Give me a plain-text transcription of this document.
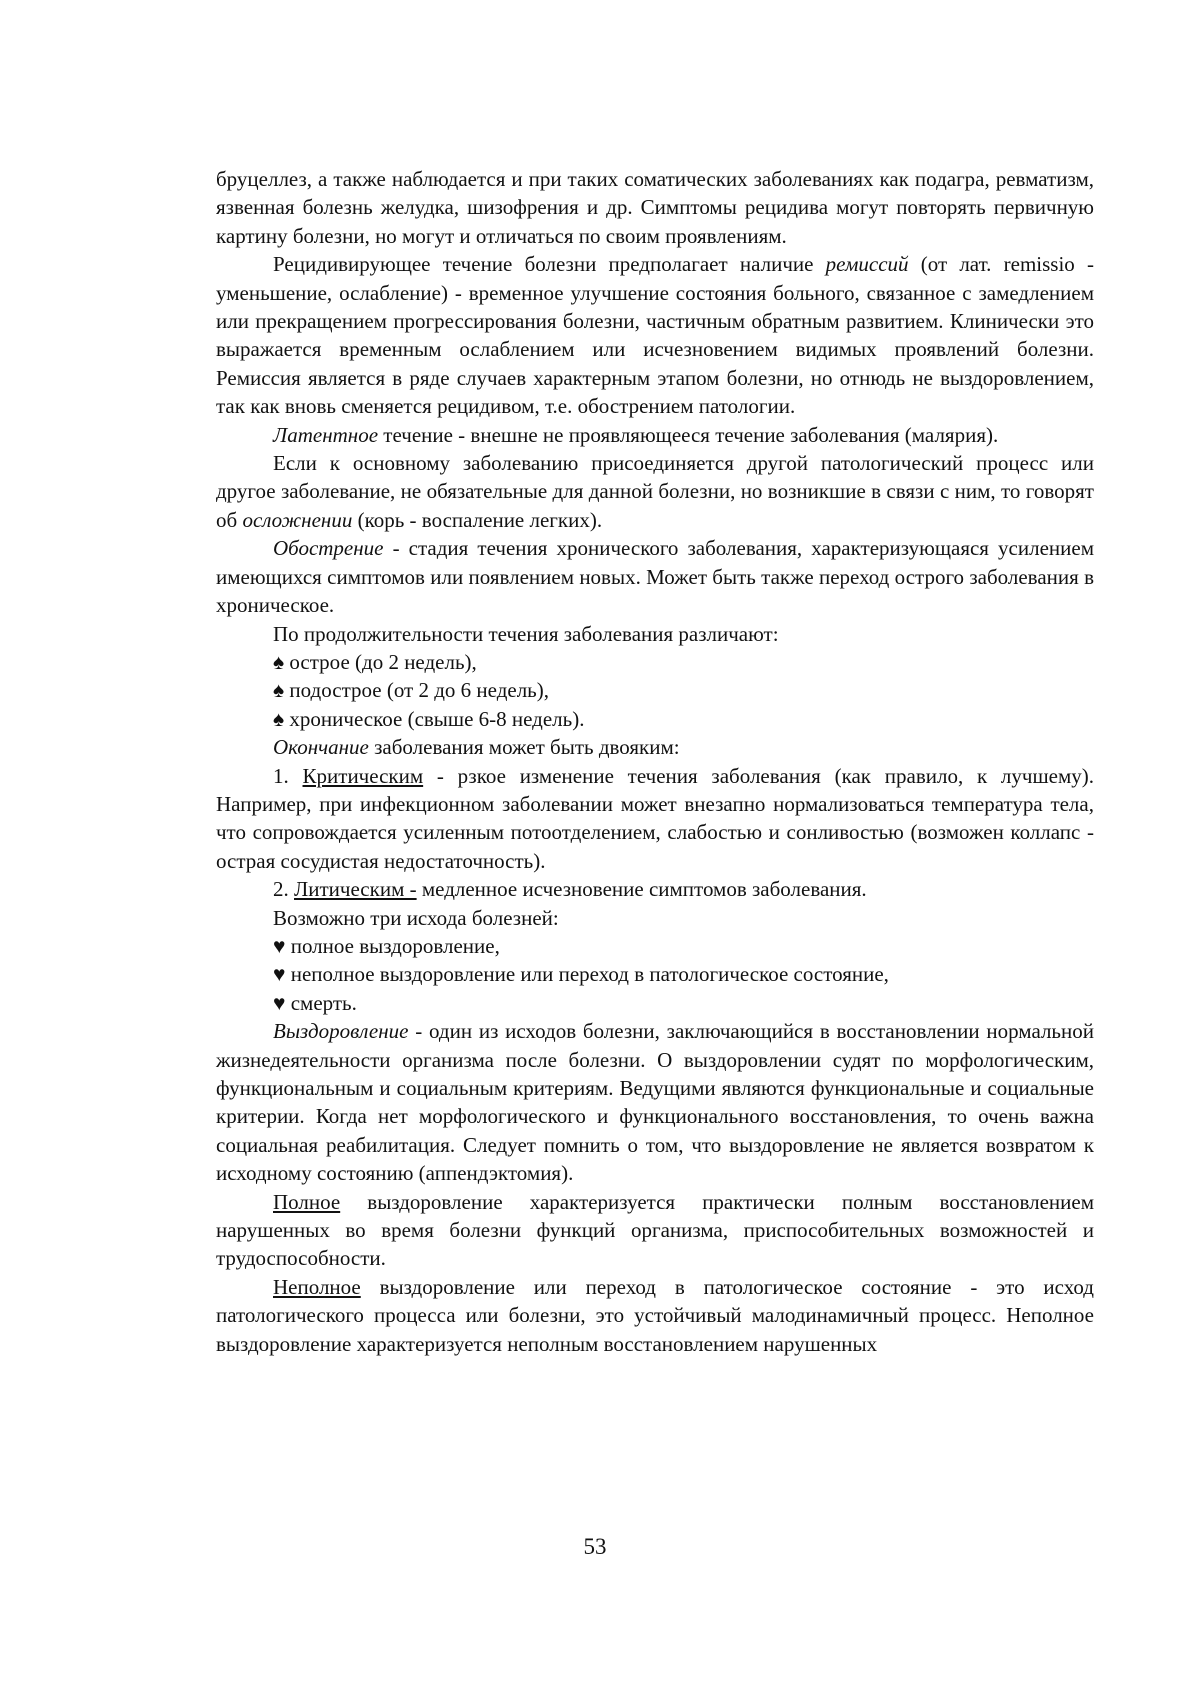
бруцеллез, а также наблюдается и при таких соматических заболеваниях как подагра, ревматизм, язвенная болезнь желудка, шизофрения и др. Симптомы рецидива могут повторять первичную картину болезни, но могут и отличаться по своим проявлениям.

Рецидивирующее течение болезни предполагает наличие ремиссий (от лат. remissio - уменьшение, ослабление) - временное улучшение состояния больного, связанное с замедлением или прекращением прогрессирования болезни, частичным обратным развитием. Клинически это выражается временным ослаблением или исчезновением видимых проявлений болезни. Ремиссия является в ряде случаев характерным этапом болезни, но отнюдь не выздоровлением, так как вновь сменяется рецидивом, т.е. обострением патологии.

Латентное течение - внешне не проявляющееся течение заболевания (малярия).

Если к основному заболеванию присоединяется другой патологический процесс или другое заболевание, не обязательные для данной болезни, но возникшие в связи с ним, то говорят об осложнении (корь - воспаление легких).

Обострение - стадия течения хронического заболевания, характеризующаяся усилением имеющихся симптомов или появлением новых. Может быть также переход острого заболевания в хроническое.

По продолжительности течения заболевания различают:

♠ острое (до 2 недель),

♠ подострое (от 2 до 6 недель),

♠ хроническое (свыше 6-8 недель).

Окончание заболевания может быть двояким:

1. Критическим - рзкое изменение течения заболевания (как правило, к лучшему). Например, при инфекционном заболевании может внезапно нормализоваться температура тела, что сопровождается усиленным потоотделением, слабостью и сонливостью (возможен коллапс - острая сосудистая недостаточность).

2. Литическим - медленное исчезновение симптомов заболевания.

Возможно три исхода болезней:

♥ полное выздоровление,

♥ неполное выздоровление или переход в патологическое состояние,

♥ смерть.

Выздоровление - один из исходов болезни, заключающийся в восстановлении нормальной жизнедеятельности организма после болезни. О выздоровлении судят по морфологическим, функциональным и социальным критериям. Ведущими являются функциональные и социальные критерии. Когда нет морфологического и функционального восстановления, то очень важна социальная реабилитация. Следует помнить о том, что выздоровление не является возвратом к исходному состоянию (аппендэктомия).

Полное выздоровление характеризуется практически полным восстановлением нарушенных во время болезни функций организма, приспособительных возможностей и трудоспособности.

Неполное выздоровление или переход в патологическое состояние - это исход патологического процесса или болезни, это устойчивый малодинамичный процесс. Неполное выздоровление характеризуется неполным восстановлением нарушенных

53
